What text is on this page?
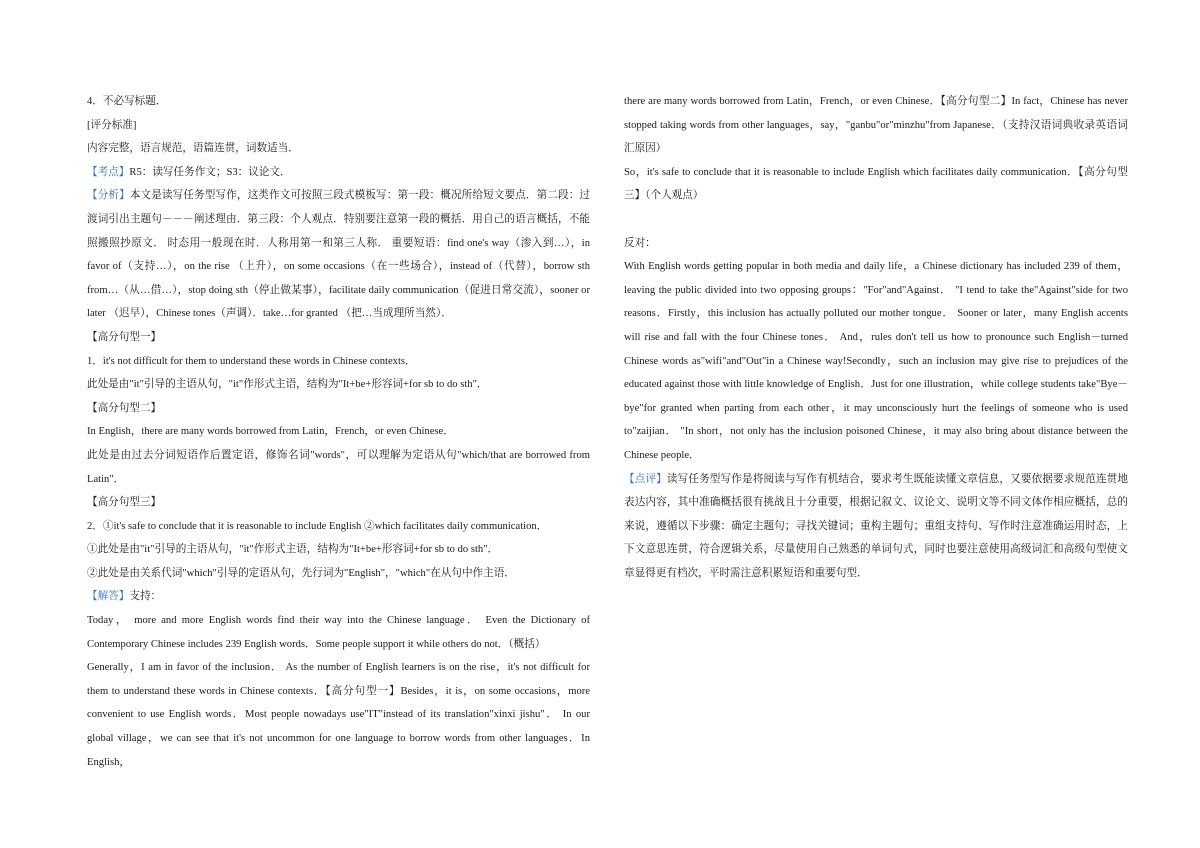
4．不必写标题．

[评分标准]

内容完整，语言规范，语篇连贯，词数适当．

【考点】R5：读写任务作文；S3：议论文．

【分析】本文是读写任务型写作，这类作文可按照三段式模板写：第一段：概况所给短文要点．第二段：过渡词引出主题句－－－阐述理由．第三段：个人观点．特别要注意第一段的概括．用自己的语言概括，不能照搬照抄原文． 时态用一般现在时．人称用第一和第三人称． 重要短语：find one's way（渗入到…），in favor of（支持…），on the rise （上升），on some occasions（在一些场合），instead of（代替），borrow sth from…（从…借…），stop doing sth（停止做某事），facilitate daily communication（促进日常交流），sooner or later （迟早），Chinese tones（声调）．take…for granted （把…当成理所当然）．

【高分句型一】

1．it's not difficult for them to understand these words in Chinese contexts．

此处是由"it"引导的主语从句，"it"作形式主语，结构为"It+be+形容词+for sb to do sth"．

【高分句型二】

In English，there are many words borrowed from Latin，French，or even Chinese．

此处是由过去分词短语作后置定语，修饰名词"words"，可以理解为定语从句"which/that are borrowed from Latin"．

【高分句型三】

2．①it's safe to conclude that it is reasonable to include English ②which facilitates daily communication．

①此处是由"it"引导的主语从句，"it"作形式主语，结构为"It+be+形容词+for sb to do sth"．

②此处是由关系代词"which"引导的定语从句，先行词为"English"，"which"在从句中作主语．

【解答】支持：

Today， more and more English words find their way into the Chinese language． Even the Dictionary of Contemporary Chinese includes 239 English words．Some people support it while others do not．（概括）

Generally，I am in favor of the inclusion． As the number of English learners is on the rise，it's not difficult for them to understand these words in Chinese contexts．【高分句型一】Besides，it is，on some occasions，more convenient to use English words．Most people nowadays use"IT"instead of its translation"xinxi jishu"． In our global village，we can see that it's not uncommon for one language to borrow words from other languages．In English，

there are many words borrowed from Latin，French，or even Chinese．【高分句型二】In fact，Chinese has never stopped taking words from other languages，say，"ganbu"or"minzhu"from Japanese．（支持汉语词典收录英语词汇原因）

So，it's safe to conclude that it is reasonable to include English which facilitates daily communication．【高分句型三】（个人观点）

反对：

With English words getting popular in both media and daily life，a Chinese dictionary has included 239 of them，leaving the public divided into two opposing groups："For"and"Against． "I tend to take the"Against"side for two reasons．Firstly，this inclusion has actually polluted our mother tongue． Sooner or later，many English accents will rise and fall with the four Chinese tones． And，rules don't tell us how to pronounce such English－turned Chinese words as"wifi"and"Out"in a Chinese way!Secondly，such an inclusion may give rise to prejudices of the educated against those with little knowledge of English．Just for one illustration，while college students take"Bye－bye"for granted when parting from each other，it may unconsciously hurt the feelings of someone who is used to"zaijian． "In short，not only has the inclusion poisoned Chinese，it may also bring about distance between the Chinese people．

【点评】读写任务型写作是将阅读与写作有机结合，要求考生既能读懂文章信息，又要依据要求规范连贯地表达内容，其中准确概括很有挑战且十分重要，根据记叙文、议论文、说明文等不同文体作相应概括，总的来说，遵循以下步骤：确定主题句；寻找关键词；重构主题句；重组支持句、写作时注意准确运用时态，上下文意思连贯，符合逻辑关系，尽量使用自己熟悉的单词句式，同时也要注意使用高级词汇和高级句型使文章显得更有档次，平时需注意积累短语和重要句型．
